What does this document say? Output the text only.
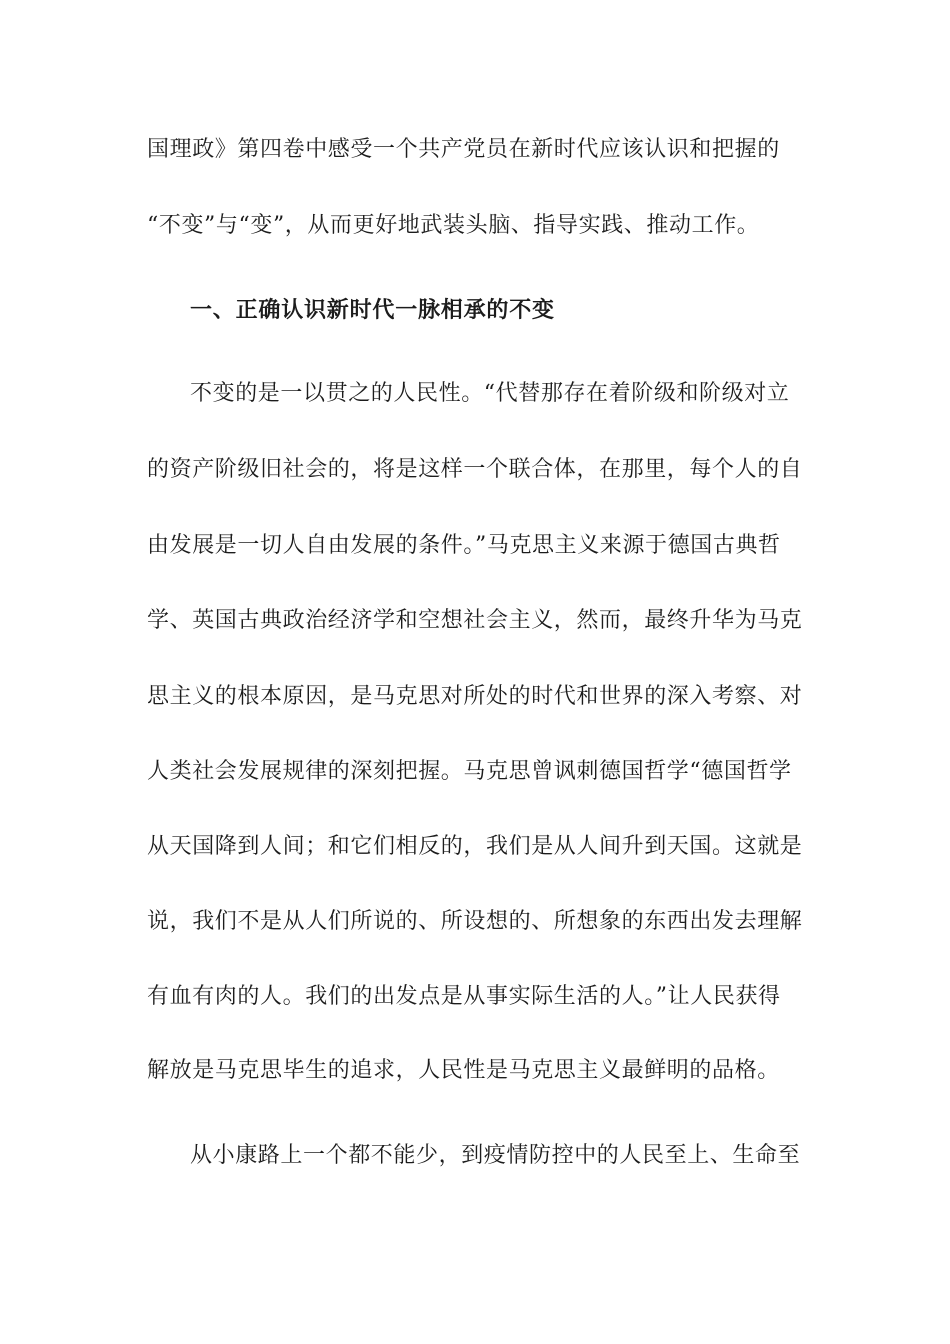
国理政》第四卷中感受一个共产党员在新时代应该认识和把握的
“不变”与“变”，从而更好地武装头脑、指导实践、推动工作。
一、正确认识新时代一脉相承的不变
不变的是一以贯之的人民性。“代替那存在着阶级和阶级对立
的资产阶级旧社会的，将是这样一个联合体，在那里，每个人的自
由发展是一切人自由发展的条件。”马克思主义来源于德国古典哲
学、英国古典政治经济学和空想社会主义，然而，最终升华为马克
思主义的根本原因，是马克思对所处的时代和世界的深入考察、对
人类社会发展规律的深刻把握。马克思曾讽刺德国哲学“德国哲学
从天国降到人间；和它们相反的，我们是从人间升到天国。这就是
说，我们不是从人们所说的、所设想的、所想象的东西出发去理解
有血有肉的人。我们的出发点是从事实际生活的人。”让人民获得
解放是马克思毕生的追求，人民性是马克思主义最鲜明的品格。
从小康路上一个都不能少，到疫情防控中的人民至上、生命至
